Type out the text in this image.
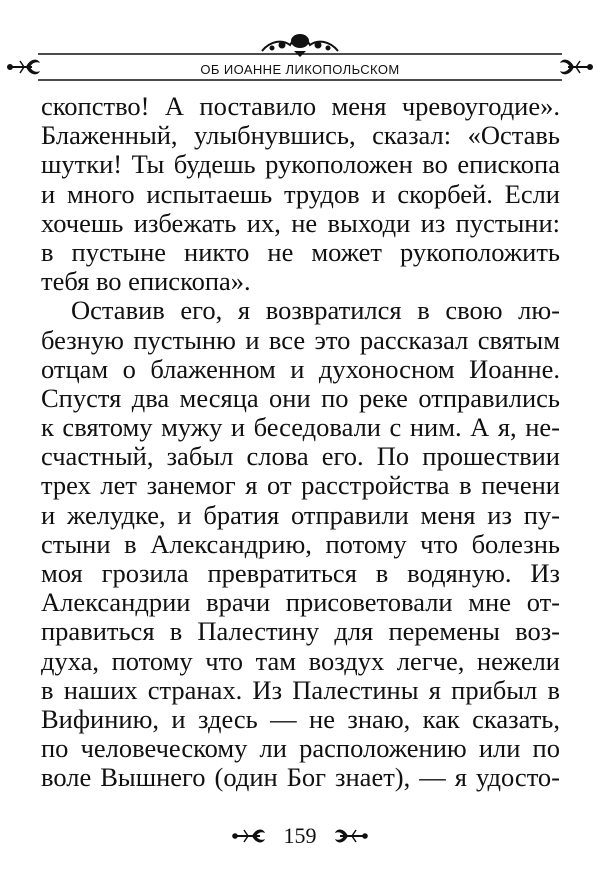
ОБ ИОАННЕ ЛИКОПОЛЬСКОМ
скопство! А поставило меня чревоугодие».
Блаженный, улыбнувшись, сказал: «Оставь
шутки! Ты будешь рукоположен во епископа
и много испытаешь трудов и скорбей. Если
хочешь избежать их, не выходи из пустыни:
в пустыне никто не может рукоположить
тебя во епископа».
Оставив его, я возвратился в свою лю-
безную пустыню и все это рассказал святым
отцам о блаженном и духоносном Иоанне.
Спустя два месяца они по реке отправились
к святому мужу и беседовали с ним. А я, не-
счастный, забыл слова его. По прошествии
трех лет занемог я от расстройства в печени
и желудке, и братия отправили меня из пу-
стыни в Александрию, потому что болезнь
моя грозила превратиться в водяную. Из
Александрии врачи присоветовали мне от-
правиться в Палестину для перемены воз-
духа, потому что там воздух легче, нежели
в наших странах. Из Палестины я прибыл в
Вифинию, и здесь — не знаю, как сказать,
по человеческому ли расположению или по
воле Вышнего (один Бог знает), — я удосто-
159
